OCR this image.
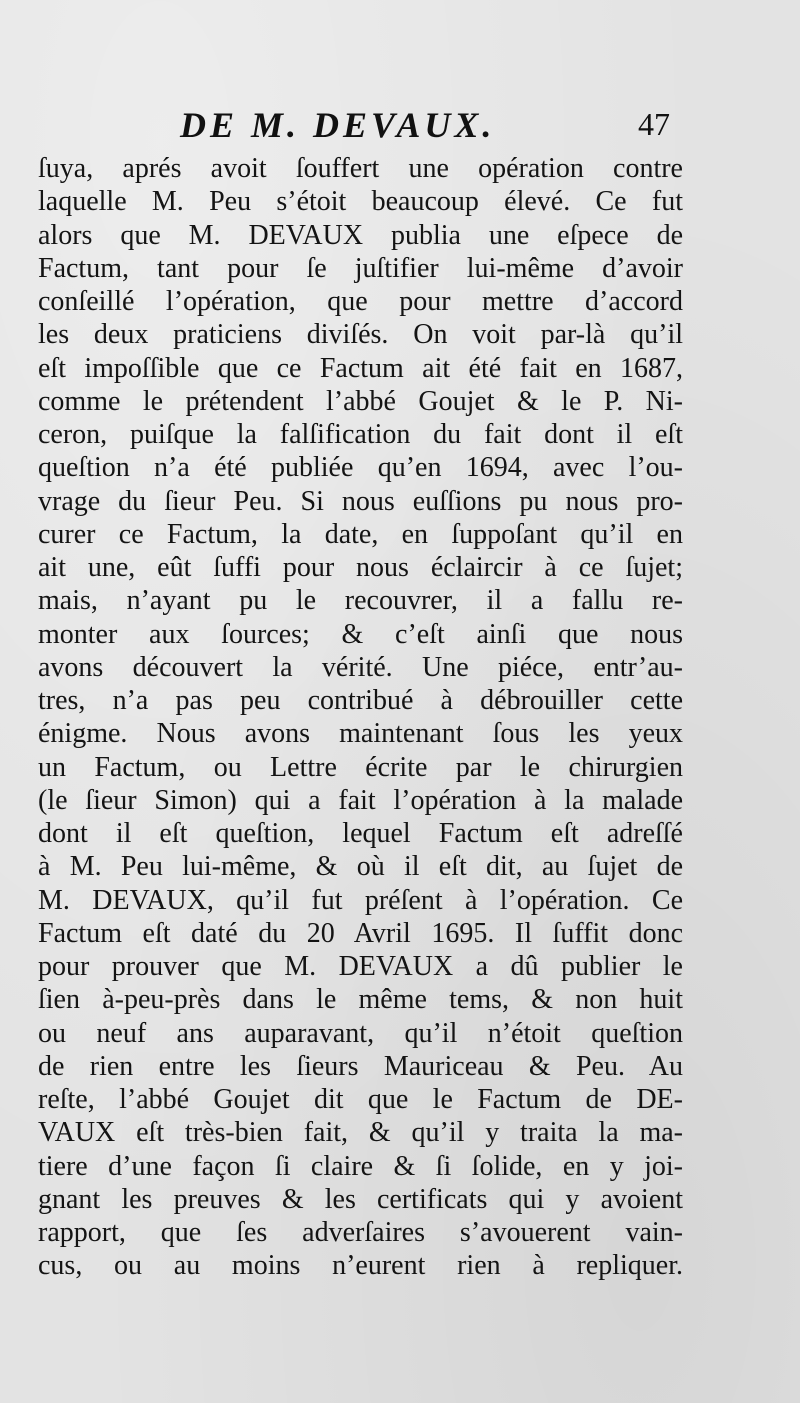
DE M. DEVAUX.	47
ſuya, aprés avoit ſouffert une opération contre
laquelle M. Peu s’étoit beaucoup élevé. Ce fut
alors que M. DEVAUX publia une eſpece de
Factum, tant pour ſe juſtifier lui-même d’avoir
conſeillé l’opération, que pour mettre d’accord
les deux praticiens diviſés. On voit par-là qu’il
eſt impoſſible que ce Factum ait été fait en 1687,
comme le prétendent l’abbé Goujet & le P. Ni-
ceron, puiſque la falſification du fait dont il eſt
queſtion n’a été publiée qu’en 1694, avec l’ou-
vrage du ſieur Peu. Si nous euſſions pu nous pro-
curer ce Factum, la date, en ſuppoſant qu’il en
ait une, eût ſuffi pour nous éclaircir à ce ſujet;
mais, n’ayant pu le recouvrer, il a fallu re-
monter aux ſources; & c’eſt ainſi que nous
avons découvert la vérité. Une piéce, entr’au-
tres, n’a pas peu contribué à débrouiller cette
énigme. Nous avons maintenant ſous les yeux
un Factum, ou Lettre écrite par le chirurgien
(le ſieur Simon) qui a fait l’opération à la malade
dont il eſt queſtion, lequel Factum eſt adreſſé
à M. Peu lui-même, & où il eſt dit, au ſujet de
M. DEVAUX, qu’il fut préſent à l’opération. Ce
Factum eſt daté du 20 Avril 1695. Il ſuffit donc
pour prouver que M. DEVAUX a dû publier le
ſien à-peu-près dans le même tems, & non huit
ou neuf ans auparavant, qu’il n’étoit queſtion
de rien entre les ſieurs Mauriceau & Peu. Au
reſte, l’abbé Goujet dit que le Factum de DE-
VAUX eſt très-bien fait, & qu’il y traita la ma-
tiere d’une façon ſi claire & ſi ſolide, en y joi-
gnant les preuves & les certificats qui y avoient
rapport, que ſes adverſaires s’avouerent vain-
cus, ou au moins n’eurent rien à repliquer.
